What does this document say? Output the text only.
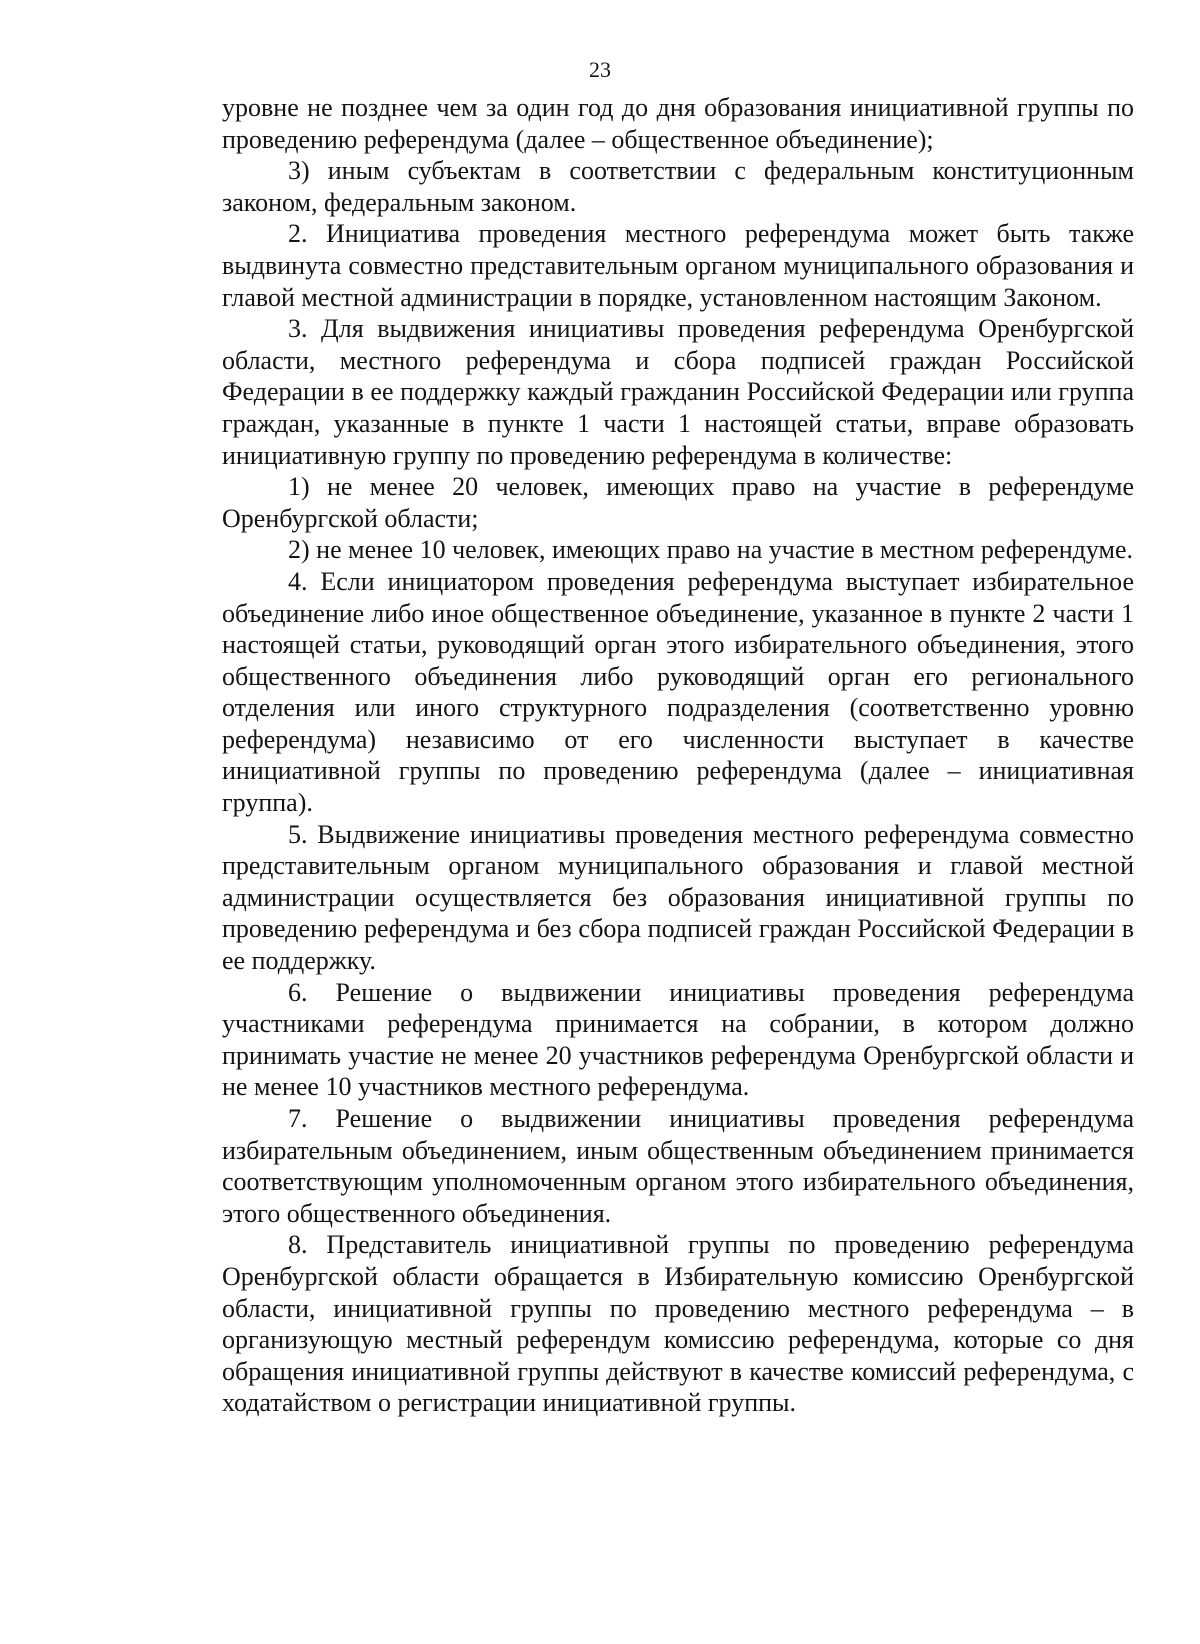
23

уровне не позднее чем за один год до дня образования инициативной группы по проведению референдума (далее – общественное объединение);

3) иным субъектам в соответствии с федеральным конституционным законом, федеральным законом.

2. Инициатива проведения местного референдума может быть также выдвинута совместно представительным органом муниципального образования и главой местной администрации в порядке, установленном настоящим Законом.

3. Для выдвижения инициативы проведения референдума Оренбургской области, местного референдума и сбора подписей граждан Российской Федерации в ее поддержку каждый гражданин Российской Федерации или группа граждан, указанные в пункте 1 части 1 настоящей статьи, вправе образовать инициативную группу по проведению референдума в количестве:

1) не менее 20 человек, имеющих право на участие в референдуме Оренбургской области;

2) не менее 10 человек, имеющих право на участие в местном референдуме.

4. Если инициатором проведения референдума выступает избирательное объединение либо иное общественное объединение, указанное в пункте 2 части 1 настоящей статьи, руководящий орган этого избирательного объединения, этого общественного объединения либо руководящий орган его регионального отделения или иного структурного подразделения (соответственно уровню референдума) независимо от его численности выступает в качестве инициативной группы по проведению референдума (далее – инициативная группа).

5. Выдвижение инициативы проведения местного референдума совместно представительным органом муниципального образования и главой местной администрации осуществляется без образования инициативной группы по проведению референдума и без сбора подписей граждан Российской Федерации в ее поддержку.

6. Решение о выдвижении инициативы проведения референдума участниками референдума принимается на собрании, в котором должно принимать участие не менее 20 участников референдума Оренбургской области и не менее 10 участников местного референдума.

7. Решение о выдвижении инициативы проведения референдума избирательным объединением, иным общественным объединением принимается соответствующим уполномоченным органом этого избирательного объединения, этого общественного объединения.

8. Представитель инициативной группы по проведению референдума Оренбургской области обращается в Избирательную комиссию Оренбургской области, инициативной группы по проведению местного референдума – в организующую местный референдум комиссию референдума, которые со дня обращения инициативной группы действуют в качестве комиссий референдума, с ходатайством о регистрации инициативной группы.
